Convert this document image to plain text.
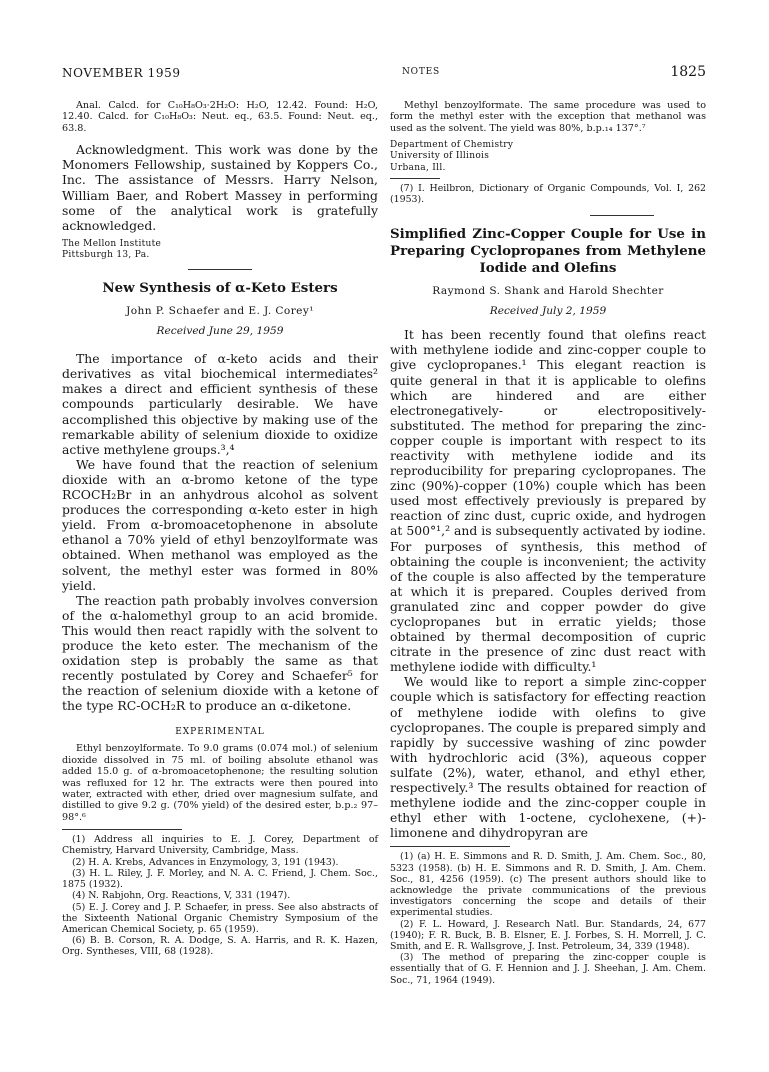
NOVEMBER 1959	NOTES	1825

Anal. Calcd. for C₁₀H₈O₃·2H₂O: H₂O, 12.42. Found: H₂O, 12.40. Calcd. for C₁₀H₈O₃: Neut. eq., 63.5. Found: Neut. eq., 63.8.

Acknowledgment. This work was done by the Monomers Fellowship, sustained by Koppers Co., Inc. The assistance of Messrs. Harry Nelson, William Baer, and Robert Massey in performing some of the analytical work is gratefully acknowledged.

The Mellon Institute
Pittsburgh 13, Pa.
New Synthesis of α-Keto Esters
John P. Schaefer and E. J. Corey¹
Received June 29, 1959

The importance of α-keto acids and their derivatives as vital biochemical intermediates² makes a direct and efficient synthesis of these compounds particularly desirable. We have accomplished this objective by making use of the remarkable ability of selenium dioxide to oxidize active methylene groups.³,⁴

We have found that the reaction of selenium dioxide with an α-bromo ketone of the type RCOCH₂Br in an anhydrous alcohol as solvent produces the corresponding α-keto ester in high yield. From α-bromoacetophenone in absolute ethanol a 70% yield of ethyl benzoylformate was obtained. When methanol was employed as the solvent, the methyl ester was formed in 80% yield.

The reaction path probably involves conversion of the α-halomethyl group to an acid bromide. This would then react rapidly with the solvent to produce the keto ester. The mechanism of the oxidation step is probably the same as that recently postulated by Corey and Schaefer⁵ for the reaction of selenium dioxide with a ketone of the type RC-OCH₂R to produce an α-diketone.

EXPERIMENTAL

Ethyl benzoylformate. To 9.0 grams (0.074 mol.) of selenium dioxide dissolved in 75 ml. of boiling absolute ethanol was added 15.0 g. of α-bromoacetophenone; the resulting solution was refluxed for 12 hr. The extracts were then poured into water, extracted with ether, dried over magnesium sulfate, and distilled to give 9.2 g. (70% yield) of the desired ester, b.p.₂ 97–98°.⁶

(1) Address all inquiries to E. J. Corey, Department of Chemistry, Harvard University, Cambridge, Mass.

(2) H. A. Krebs, Advances in Enzymology, 3, 191 (1943).

(3) H. L. Riley, J. F. Morley, and N. A. C. Friend, J. Chem. Soc., 1875 (1932).

(4) N. Rabjohn, Org. Reactions, V, 331 (1947).

(5) E. J. Corey and J. P. Schaefer, in press. See also abstracts of the Sixteenth National Organic Chemistry Symposium of the American Chemical Society, p. 65 (1959).

(6) B. B. Corson, R. A. Dodge, S. A. Harris, and R. K. Hazen, Org. Syntheses, VIII, 68 (1928).

Methyl benzoylformate. The same procedure was used to form the methyl ester with the exception that methanol was used as the solvent. The yield was 80%, b.p.₁₄ 137°.⁷

Department of Chemistry
University of Illinois
Urbana, Ill.

(7) I. Heilbron, Dictionary of Organic Compounds, Vol. I, 262 (1953).

Simplified Zinc-Copper Couple for Use in Preparing Cyclopropanes from Methylene Iodide and Olefins
Raymond S. Shank and Harold Shechter
Received July 2, 1959

It has been recently found that olefins react with methylene iodide and zinc-copper couple to give cyclopropanes.¹ This elegant reaction is quite general in that it is applicable to olefins which are hindered and are either electronegatively- or electropositively-substituted. The method for preparing the zinc-copper couple is important with respect to its reactivity with methylene iodide and its reproducibility for preparing cyclopropanes. The zinc (90%)-copper (10%) couple which has been used most effectively previously is prepared by reaction of zinc dust, cupric oxide, and hydrogen at 500°¹,² and is subsequently activated by iodine. For purposes of synthesis, this method of obtaining the couple is inconvenient; the activity of the couple is also affected by the temperature at which it is prepared. Couples derived from granulated zinc and copper powder do give cyclopropanes but in erratic yields; those obtained by thermal decomposition of cupric citrate in the presence of zinc dust react with methylene iodide with difficulty.¹

We would like to report a simple zinc-copper couple which is satisfactory for effecting reaction of methylene iodide with olefins to give cyclopropanes. The couple is prepared simply and rapidly by successive washing of zinc powder with hydrochloric acid (3%), aqueous copper sulfate (2%), water, ethanol, and ethyl ether, respectively.³ The results obtained for reaction of methylene iodide and the zinc-copper couple in ethyl ether with 1-octene, cyclohexene, (+)-limonene and dihydropyran are

(1) (a) H. E. Simmons and R. D. Smith, J. Am. Chem. Soc., 80, 5323 (1958). (b) H. E. Simmons and R. D. Smith, J. Am. Chem. Soc., 81, 4256 (1959). (c) The present authors should like to acknowledge the private communications of the previous investigators concerning the scope and details of their experimental studies.

(2) F. L. Howard, J. Research Natl. Bur. Standards, 24, 677 (1940); F. R. Buck, B. B. Elsner, E. J. Forbes, S. H. Morrell, J. C. Smith, and E. R. Wallsgrove, J. Inst. Petroleum, 34, 339 (1948).

(3) The method of preparing the zinc-copper couple is essentially that of G. F. Hennion and J. J. Sheehan, J. Am. Chem. Soc., 71, 1964 (1949).
